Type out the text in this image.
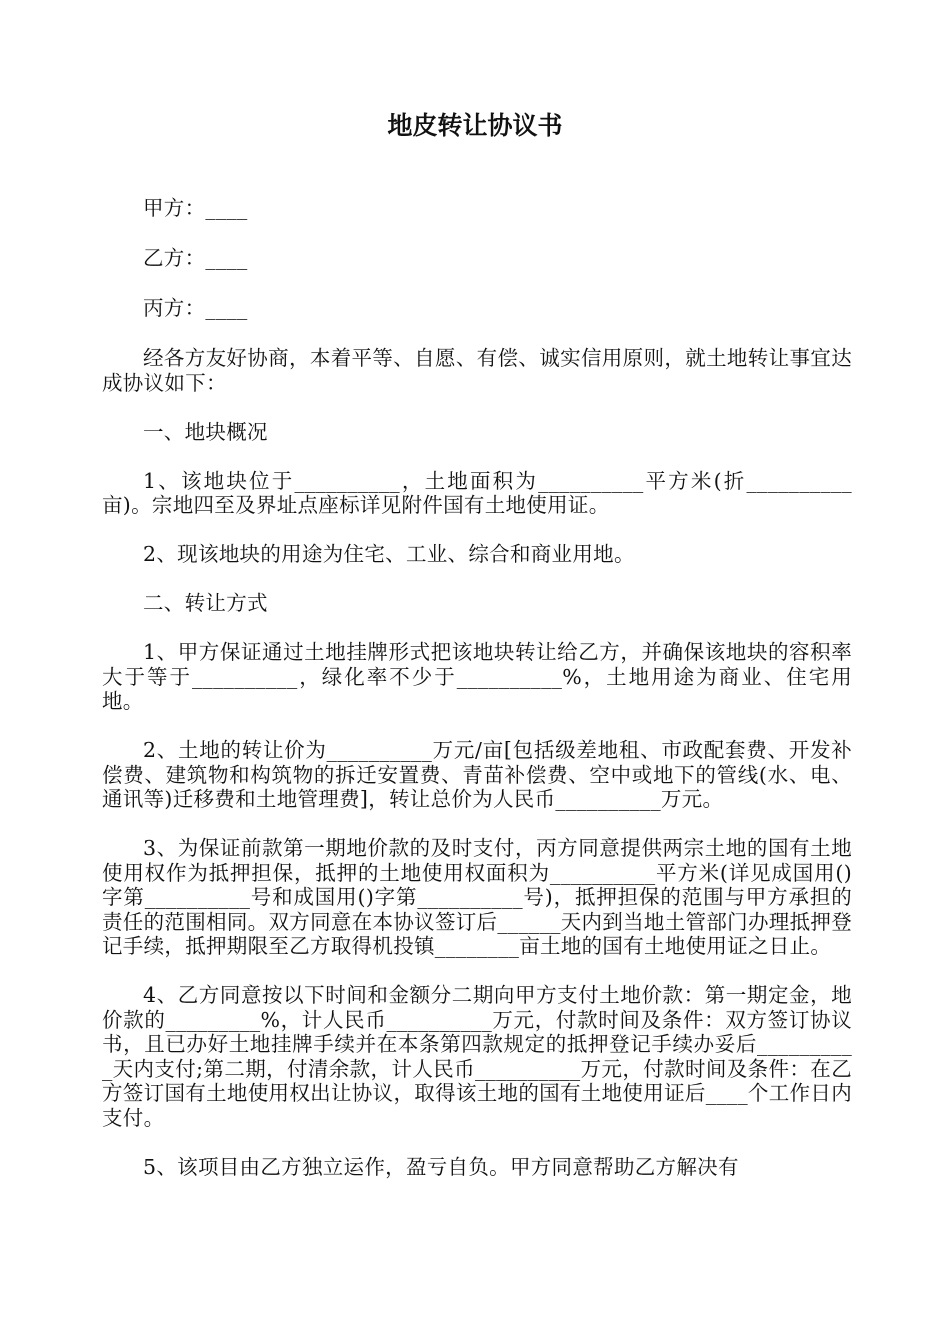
地皮转让协议书

甲方：____

乙方：____

丙方：____

经各方友好协商，本着平等、自愿、有偿、诚实信用原则，就土地转让事宜达成协议如下：

一、地块概况

1、该地块位于__________，土地面积为__________平方米(折__________亩)。宗地四至及界址点座标详见附件国有土地使用证。

2、现该地块的用途为住宅、工业、综合和商业用地。

二、转让方式

1、甲方保证通过土地挂牌形式把该地块转让给乙方，并确保该地块的容积率大于等于__________，绿化率不少于__________%，土地用途为商业、住宅用地。

2、土地的转让价为__________万元/亩[包括级差地租、市政配套费、开发补偿费、建筑物和构筑物的拆迁安置费、青苗补偿费、空中或地下的管线(水、电、通讯等)迁移费和土地管理费]，转让总价为人民币__________万元。

3、为保证前款第一期地价款的及时支付，丙方同意提供两宗土地的国有土地使用权作为抵押担保，抵押的土地使用权面积为__________平方米(详见成国用()字第__________号和成国用()字第__________号)，抵押担保的范围与甲方承担的责任的范围相同。双方同意在本协议签订后______天内到当地土管部门办理抵押登记手续，抵押期限至乙方取得机投镇________亩土地的国有土地使用证之日止。

4、乙方同意按以下时间和金额分二期向甲方支付土地价款：第一期定金，地价款的_________%，计人民币__________万元，付款时间及条件：双方签订协议书，且已办好土地挂牌手续并在本条第四款规定的抵押登记手续办妥后__________天内支付;第二期，付清余款，计人民币__________万元，付款时间及条件：在乙方签订国有土地使用权出让协议，取得该土地的国有土地使用证后____个工作日内支付。

5、该项目由乙方独立运作，盈亏自负。甲方同意帮助乙方解决有
